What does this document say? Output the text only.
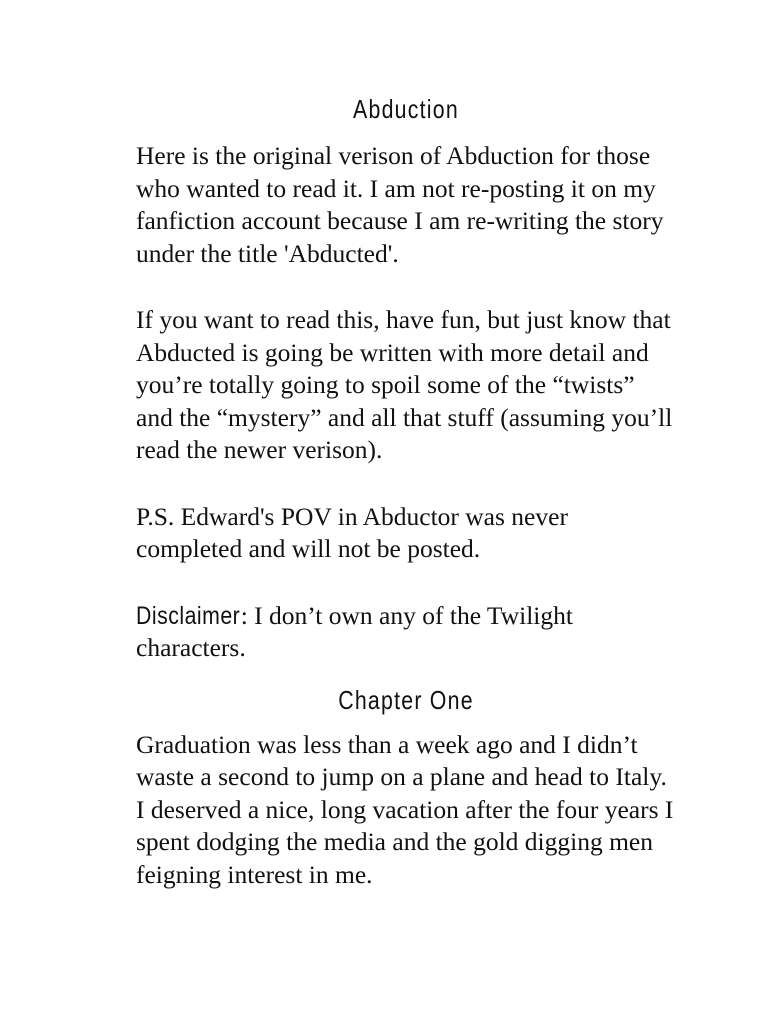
Abduction

Here is the original verison of Abduction for those who wanted to read it. I am not re-posting it on my fanfiction account because I am re-writing the story under the title 'Abducted'.

If you want to read this, have fun, but just know that Abducted is going be written with more detail and you’re totally going to spoil some of the “twists” and the “mystery” and all that stuff (assuming you’ll read the newer verison).

P.S. Edward's POV in Abductor was never completed and will not be posted.

Disclaimer: I don’t own any of the Twilight characters.

Chapter One

Graduation was less than a week ago and I didn’t waste a second to jump on a plane and head to Italy. I deserved a nice, long vacation after the four years I spent dodging the media and the gold digging men feigning interest in me.
